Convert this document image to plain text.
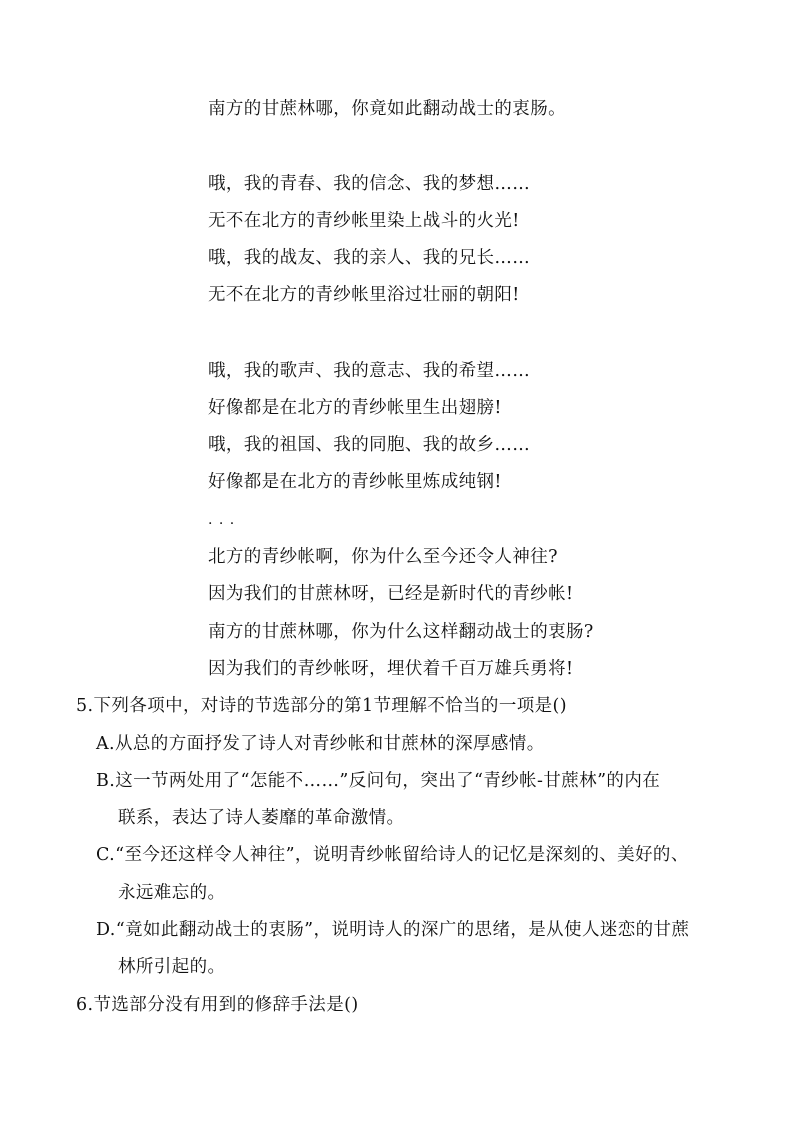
南方的甘蔗林哪，你竟如此翻动战士的衷肠。
哦，我的青春、我的信念、我的梦想……
无不在北方的青纱帐里染上战斗的火光!
哦，我的战友、我的亲人、我的兄长……
无不在北方的青纱帐里浴过壮丽的朝阳!
哦，我的歌声、我的意志、我的希望……
好像都是在北方的青纱帐里生出翅膀!
哦，我的祖国、我的同胞、我的故乡……
好像都是在北方的青纱帐里炼成纯钢!
. . .
北方的青纱帐啊，你为什么至今还令人神往?
因为我们的甘蔗林呀，已经是新时代的青纱帐!
南方的甘蔗林哪，你为什么这样翻动战士的衷肠?
因为我们的青纱帐呀，埋伏着千百万雄兵勇将!
5.下列各项中，对诗的节选部分的第1节理解不恰当的一项是()
A.从总的方面抒发了诗人对青纱帐和甘蔗林的深厚感情。
B.这一节两处用了“怎能不……”反问句，突出了“青纱帐-甘蔗林”的内在
联系，表达了诗人萎靡的革命激情。
C.“至今还这样令人神往”，说明青纱帐留给诗人的记忆是深刻的、美好的、
永远难忘的。
D.“竟如此翻动战士的衷肠”，说明诗人的深广的思绪，是从使人迷恋的甘蔗
林所引起的。
6.节选部分没有用到的修辞手法是()
